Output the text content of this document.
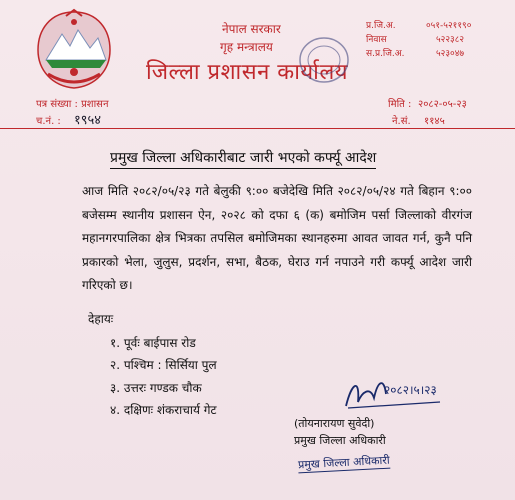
नेपाल सरकार
गृह मन्त्रालय
जिल्ला प्रशासन कार्यालय
प्र.जि.अ.	०५१-५२११९०
निवास	५२२३८२
स.प्र.जि.अ.	५२३०४७
पत्र संख्या : प्रशासन
च.नं. : १९५४
मिति : २०८२-०५-२३
ने.सं. ११४५
प्रमुख जिल्ला अधिकारीबाट जारी भएको कर्फ्यू आदेश
आज मिति २०८२/०५/२३ गते बेलुकी ९:०० बजेदेखि मिति २०८२/०५/२४ गते बिहान ९:०० बजेसम्म स्थानीय प्रशासन ऐन, २०२८ को दफा ६ (क) बमोजिम पर्सा जिल्लाको वीरगंज महानगरपालिका क्षेत्र भित्रका तपसिल बमोजिमका स्थानहरुमा आवत जावत गर्न, कुनै पनि प्रकारको भेला, जुलुस, प्रदर्शन, सभा, बैठक, घेराउ गर्न नपाउने गरी कर्फ्यू आदेश जारी गरिएको छ।
देहायः
१. पूर्वः बाईपास रोड
२. पश्चिम : सिर्सिया पुल
३. उत्तरः गण्डक चौक
४. दक्षिणः शंकराचार्य गेट
२०८२।५।२३
(तोयनारायण सुवेदी)
प्रमुख जिल्ला अधिकारी
प्रमुख जिल्ला अधिकारी
